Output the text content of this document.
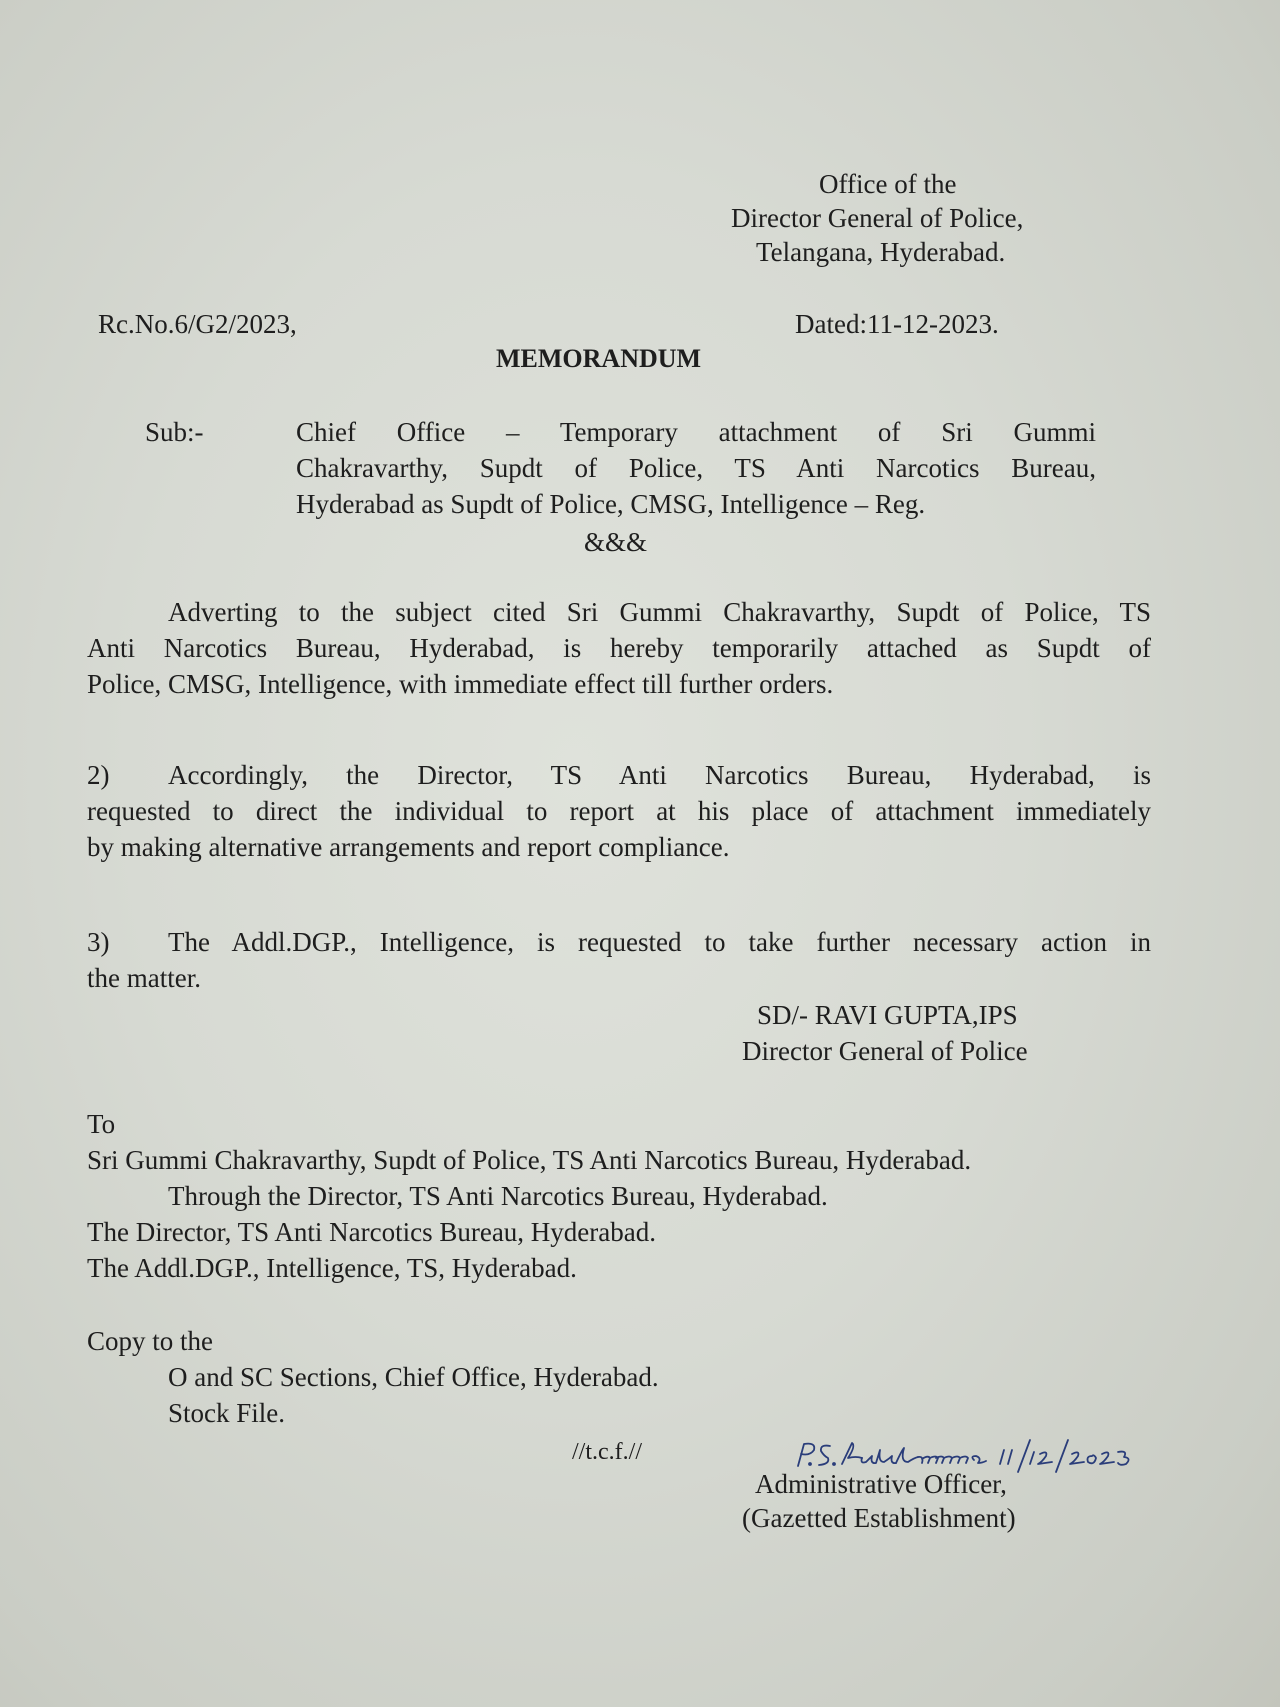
Office of the
Director General of Police,
Telangana, Hyderabad.
Rc.No.6/G2/2023,	Dated:11-12-2023.
MEMORANDUM
Sub:-	Chief Office – Temporary attachment of Sri Gummi
Chakravarthy, Supdt of Police, TS Anti Narcotics Bureau,
Hyderabad as Supdt of Police, CMSG, Intelligence – Reg.
&&&
Adverting to the subject cited Sri Gummi Chakravarthy, Supdt of Police, TS
Anti Narcotics Bureau, Hyderabad, is hereby temporarily attached as Supdt of
Police, CMSG, Intelligence, with immediate effect till further orders.
2)	Accordingly, the Director, TS Anti Narcotics Bureau, Hyderabad, is
requested to direct the individual to report at his place of attachment immediately
by making alternative arrangements and report compliance.
3)	The Addl.DGP., Intelligence, is requested to take further necessary action in
the matter.
SD/- RAVI GUPTA,IPS
Director General of Police
To
Sri Gummi Chakravarthy, Supdt of Police, TS Anti Narcotics Bureau, Hyderabad.
Through the Director, TS Anti Narcotics Bureau, Hyderabad.
The Director, TS Anti Narcotics Bureau, Hyderabad.
The Addl.DGP., Intelligence, TS, Hyderabad.
Copy to the
O and SC Sections, Chief Office, Hyderabad.
Stock File.
//t.c.f.//
Administrative Officer,
(Gazetted Establishment)
